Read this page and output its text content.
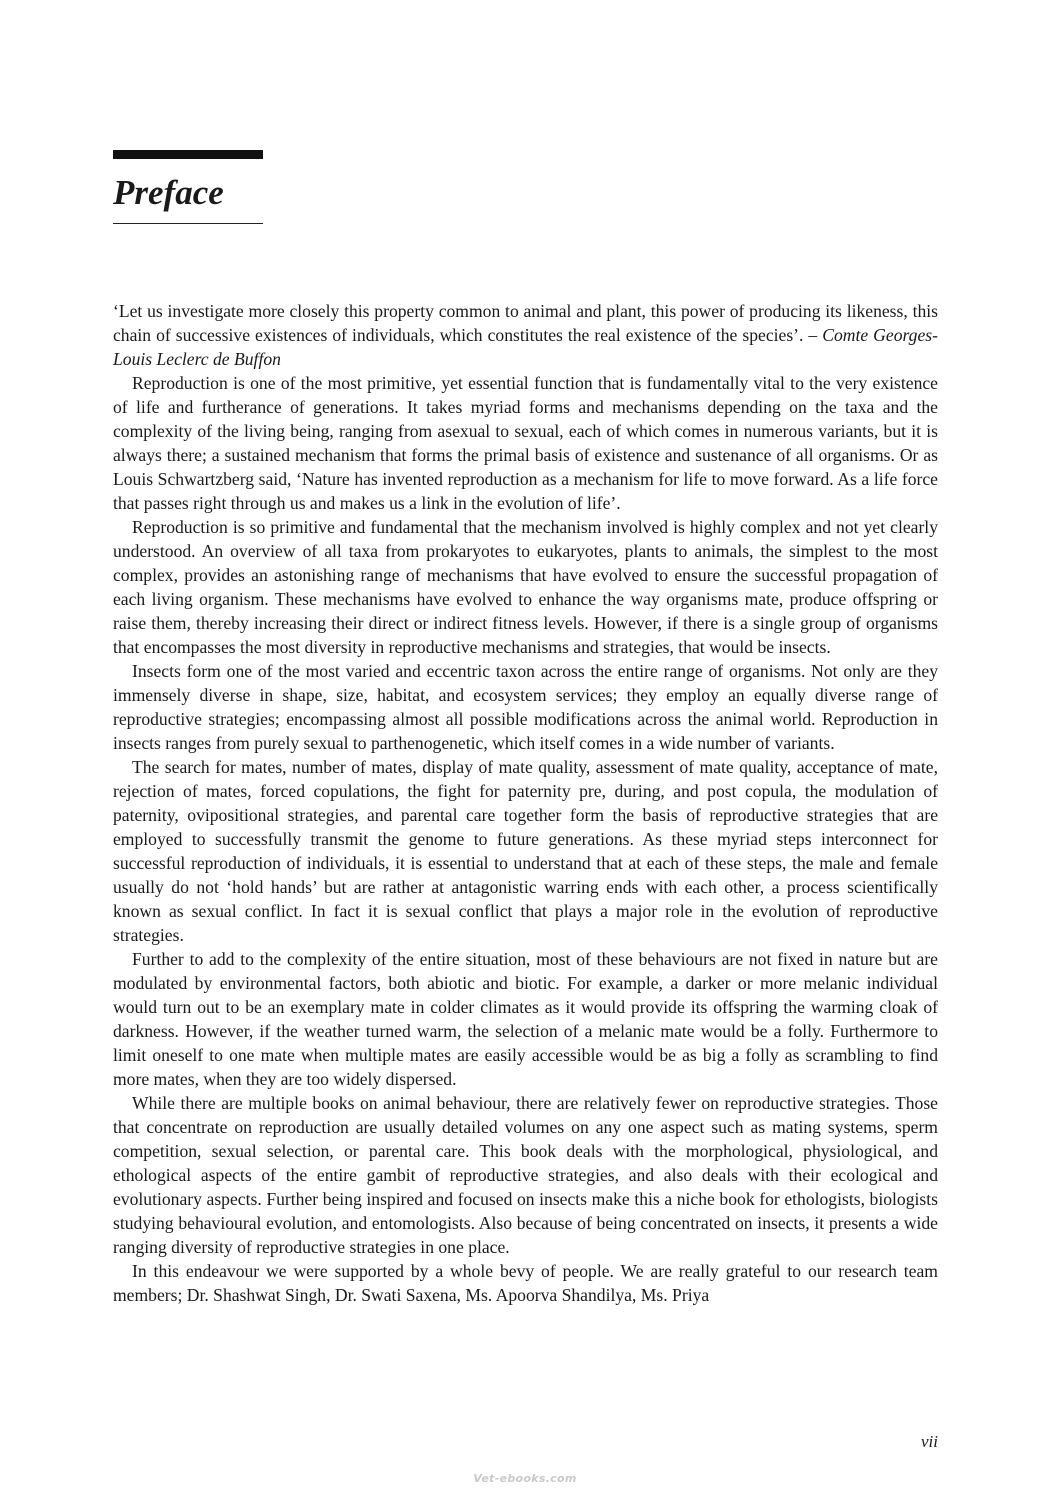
Preface

‘Let us investigate more closely this property common to animal and plant, this power of producing its likeness, this chain of successive existences of individuals, which constitutes the real existence of the species’. – Comte Georges-Louis Leclerc de Buffon

Reproduction is one of the most primitive, yet essential function that is fundamentally vital to the very existence of life and furtherance of generations. It takes myriad forms and mechanisms depending on the taxa and the complexity of the living being, ranging from asexual to sexual, each of which comes in numerous variants, but it is always there; a sustained mechanism that forms the primal basis of existence and sustenance of all organisms. Or as Louis Schwartzberg said, ‘Nature has invented reproduction as a mechanism for life to move forward. As a life force that passes right through us and makes us a link in the evolution of life’.

Reproduction is so primitive and fundamental that the mechanism involved is highly complex and not yet clearly understood. An overview of all taxa from prokaryotes to eukaryotes, plants to animals, the simplest to the most complex, provides an astonishing range of mechanisms that have evolved to ensure the successful propagation of each living organism. These mechanisms have evolved to enhance the way organisms mate, produce offspring or raise them, thereby increasing their direct or indirect fitness levels. However, if there is a single group of organisms that encompasses the most diversity in reproductive mechanisms and strategies, that would be insects.

Insects form one of the most varied and eccentric taxon across the entire range of organisms. Not only are they immensely diverse in shape, size, habitat, and ecosystem services; they employ an equally diverse range of reproductive strategies; encompassing almost all possible modifications across the animal world. Reproduction in insects ranges from purely sexual to parthenogenetic, which itself comes in a wide number of variants.

The search for mates, number of mates, display of mate quality, assessment of mate quality, acceptance of mate, rejection of mates, forced copulations, the fight for paternity pre, during, and post copula, the modulation of paternity, ovipositional strategies, and parental care together form the basis of reproductive strategies that are employed to successfully transmit the genome to future generations. As these myriad steps interconnect for successful reproduction of individuals, it is essential to understand that at each of these steps, the male and female usually do not ‘hold hands’ but are rather at antagonistic warring ends with each other, a process scientifically known as sexual conflict. In fact it is sexual conflict that plays a major role in the evolution of reproductive strategies.

Further to add to the complexity of the entire situation, most of these behaviours are not fixed in nature but are modulated by environmental factors, both abiotic and biotic. For example, a darker or more melanic individual would turn out to be an exemplary mate in colder climates as it would provide its offspring the warming cloak of darkness. However, if the weather turned warm, the selection of a melanic mate would be a folly. Furthermore to limit oneself to one mate when multiple mates are easily accessible would be as big a folly as scrambling to find more mates, when they are too widely dispersed.

While there are multiple books on animal behaviour, there are relatively fewer on reproductive strategies. Those that concentrate on reproduction are usually detailed volumes on any one aspect such as mating systems, sperm competition, sexual selection, or parental care. This book deals with the morphological, physiological, and ethological aspects of the entire gambit of reproductive strategies, and also deals with their ecological and evolutionary aspects. Further being inspired and focused on insects make this a niche book for ethologists, biologists studying behavioural evolution, and entomologists. Also because of being concentrated on insects, it presents a wide ranging diversity of reproductive strategies in one place.

In this endeavour we were supported by a whole bevy of people. We are really grateful to our research team members; Dr. Shashwat Singh, Dr. Swati Saxena, Ms. Apoorva Shandilya, Ms. Priya

vii
Vet-ebooks.com
